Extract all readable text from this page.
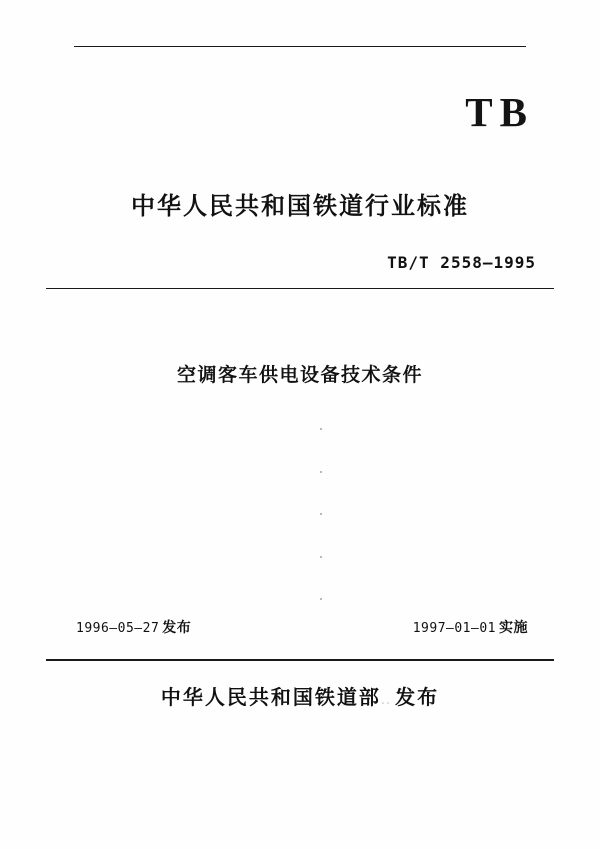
TB
中华人民共和国铁道行业标准
TB/T 2558—1995
空调客车供电设备技术条件
1996—05—27 发布	1997—01—01 实施
中华人民共和国铁道部.. 发布
